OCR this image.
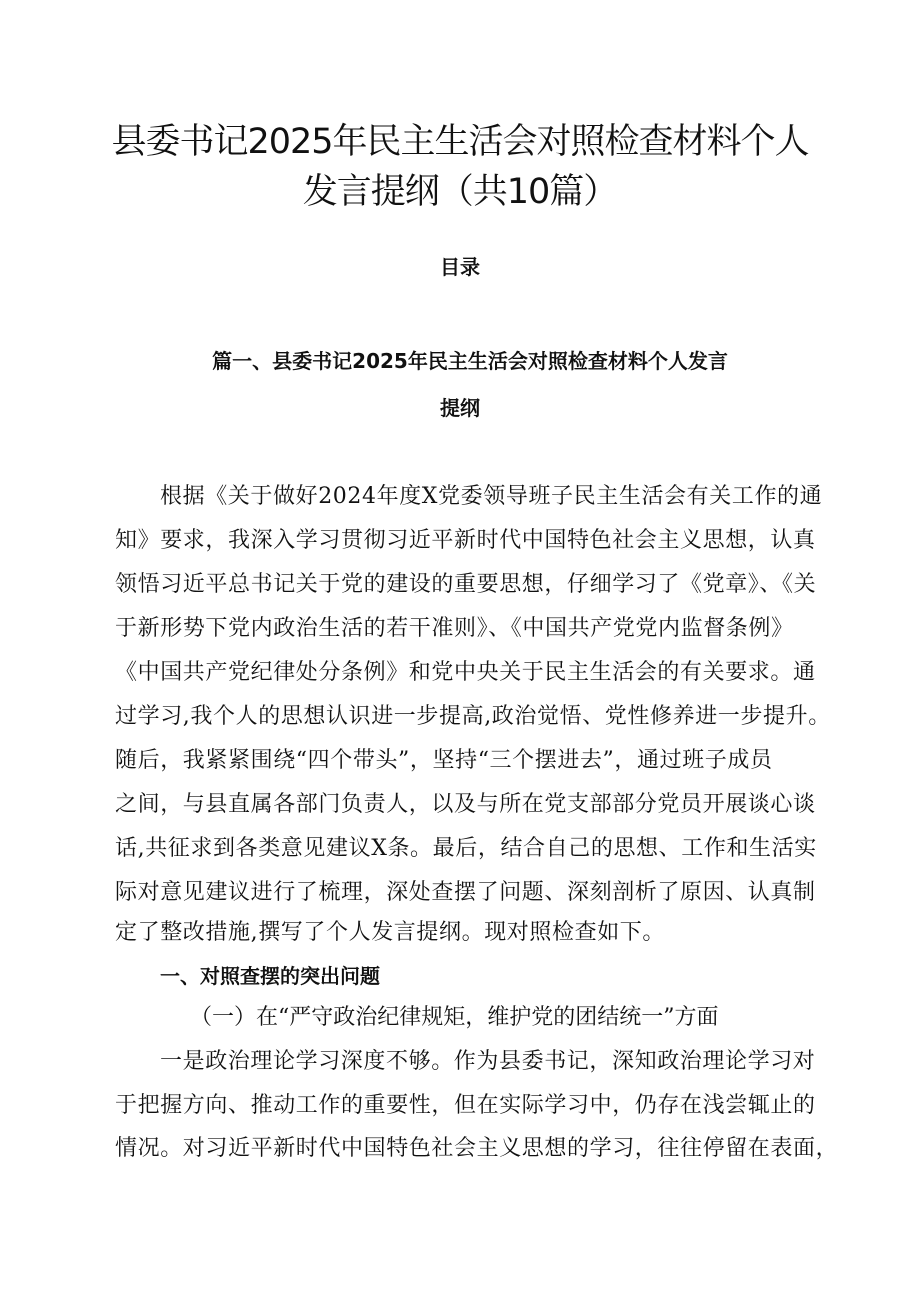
县委书记2025年民主生活会对照检查材料个人
发言提纲（共10篇）
目录
篇一、县委书记2025年民主生活会对照检查材料个人发言
提纲
根据《关于做好2024年度X党委领导班子民主生活会有关工作的通
知》要求，我深入学习贯彻习近平新时代中国特色社会主义思想，认真
领悟习近平总书记关于党的建设的重要思想，仔细学习了《党章》、《关
于新形势下党内政治生活的若干准则》、《中国共产党党内监督条例》
《中国共产党纪律处分条例》和党中央关于民主生活会的有关要求。通
过学习,我个人的思想认识进一步提高,政治觉悟、党性修养进一步提升。
随后，我紧紧围绕“四个带头”，坚持“三个摆进去”，通过班子成员
之间，与县直属各部门负责人，以及与所在党支部部分党员开展谈心谈
话,共征求到各类意见建议X条。最后，结合自己的思想、工作和生活实
际对意见建议进行了梳理，深处查摆了问题、深刻剖析了原因、认真制
定了整改措施,撰写了个人发言提纲。现对照检查如下。
一、对照查摆的突出问题
（一）在“严守政治纪律规矩，维护党的团结统一”方面
一是政治理论学习深度不够。作为县委书记，深知政治理论学习对
于把握方向、推动工作的重要性，但在实际学习中，仍存在浅尝辄止的
情况。对习近平新时代中国特色社会主义思想的学习，往往停留在表面，
